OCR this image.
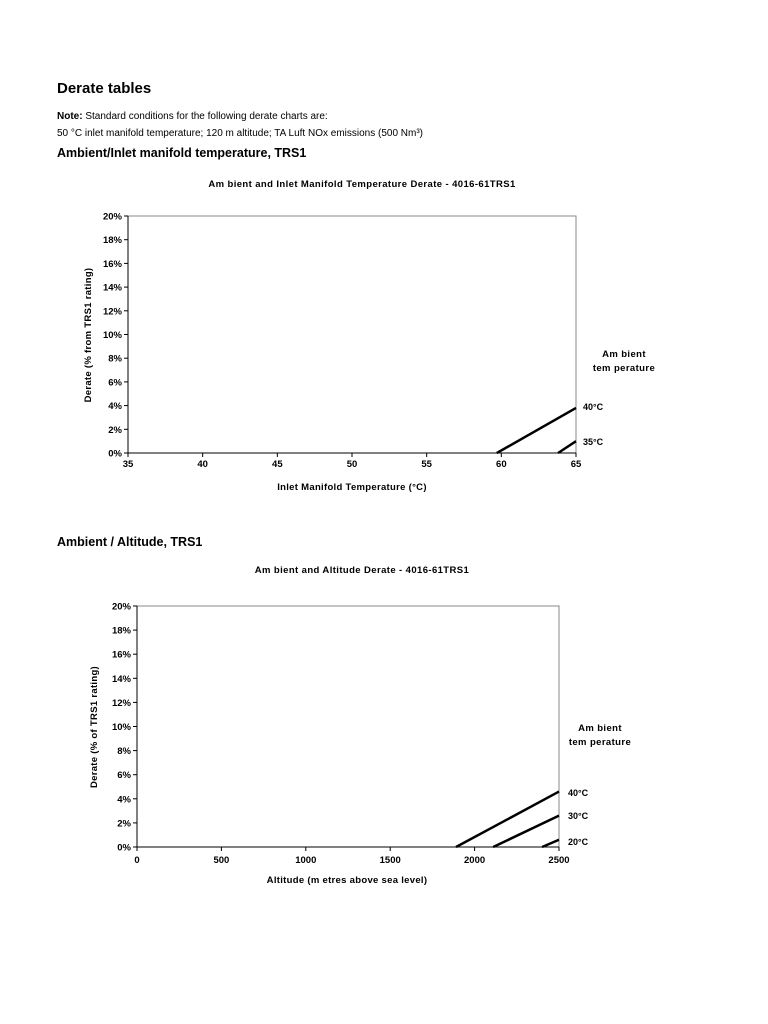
Derate tables

Note: Standard conditions for the following derate charts are:

50 °C inlet manifold temperature; 120 m altitude; TA Luft NOx emissions (500 Nm³)

Ambient/Inlet manifold temperature, TRS1
Am bient and Inlet Manifold Temperature Derate - 4016-61TRS1
0%
2%
4%
6%
8%
10%
12%
14%
16%
18%
20%
35	40	45	50	55	60	65
Inlet Manifold Temperature (°C)
Derate (% from TRS1 rating)	Am bient
tem perature
40°C
35°C
Ambient / Altitude, TRS1
Am bient and Altitude Derate - 4016-61TRS1
0%
2%
4%
6%
8%
10%
12%
14%
16%
18%
20%
0	500	1000	1500	2000	2500
Altitude (m etres above sea level)
Derate (% of TRS1 rating)	Am bient
tem perature
40°C
30°C
20°C
